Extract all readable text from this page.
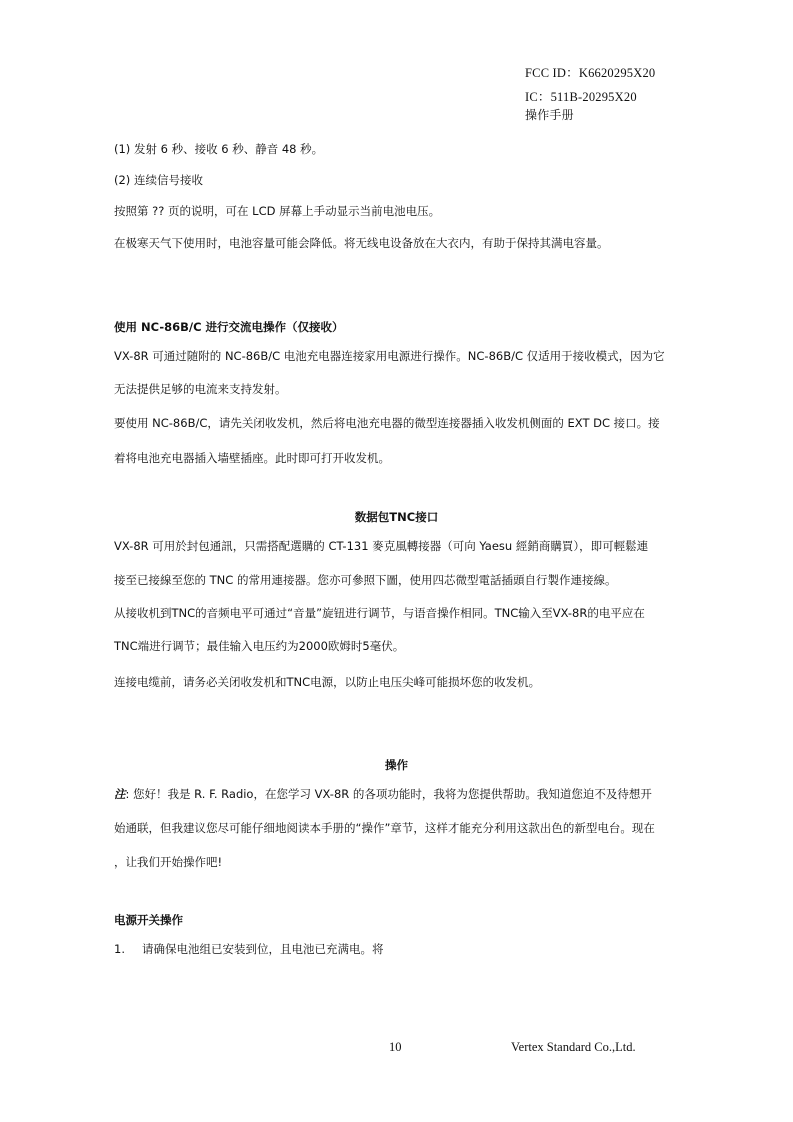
FCC ID：K6620295X20
IC：511B-20295X20
操作手册
(1) 发射 6 秒、接收 6 秒、静音 48 秒。
(2) 连续信号接收
按照第 ?? 页的说明，可在 LCD 屏幕上手动显示当前电池电压。
在极寒天气下使用时，电池容量可能会降低。将无线电设备放在大衣内，有助于保持其满电容量。
使用 NC-86B/C 进行交流电操作（仅接收）
VX-8R 可通过随附的 NC-86B/C 电池充电器连接家用电源进行操作。NC-86B/C 仅适用于接收模式，因为它
无法提供足够的电流来支持发射。
要使用 NC-86B/C，请先关闭收发机，然后将电池充电器的微型连接器插入收发机侧面的 EXT DC 接口。接
着将电池充电器插入墙壁插座。此时即可打开收发机。
数据包TNC接口
VX-8R 可用於封包通訊，只需搭配選購的 CT-131 麥克風轉接器（可向 Yaesu 經銷商購買），即可輕鬆連
接至已接線至您的 TNC 的常用連接器。您亦可參照下圖，使用四芯微型電話插頭自行製作連接線。
从接收机到TNC的音频电平可通过“音量”旋钮进行调节，与语音操作相同。TNC输入至VX-8R的电平应在
TNC端进行调节；最佳输入电压约为2000欧姆时5毫伏。
连接电缆前，请务必关闭收发机和TNC电源，以防止电压尖峰可能损坏您的收发机。
操作
注: 您好！我是 R. F. Radio，在您学习 VX-8R 的各项功能时，我将为您提供帮助。我知道您迫不及待想开
始通联，但我建议您尽可能仔细地阅读本手册的“操作”章节，这样才能充分利用这款出色的新型电台。现在
，让我们开始操作吧!
电源开关操作
1. 请确保电池组已安装到位，且电池已充满电。将
10	Vertex Standard Co.,Ltd.
